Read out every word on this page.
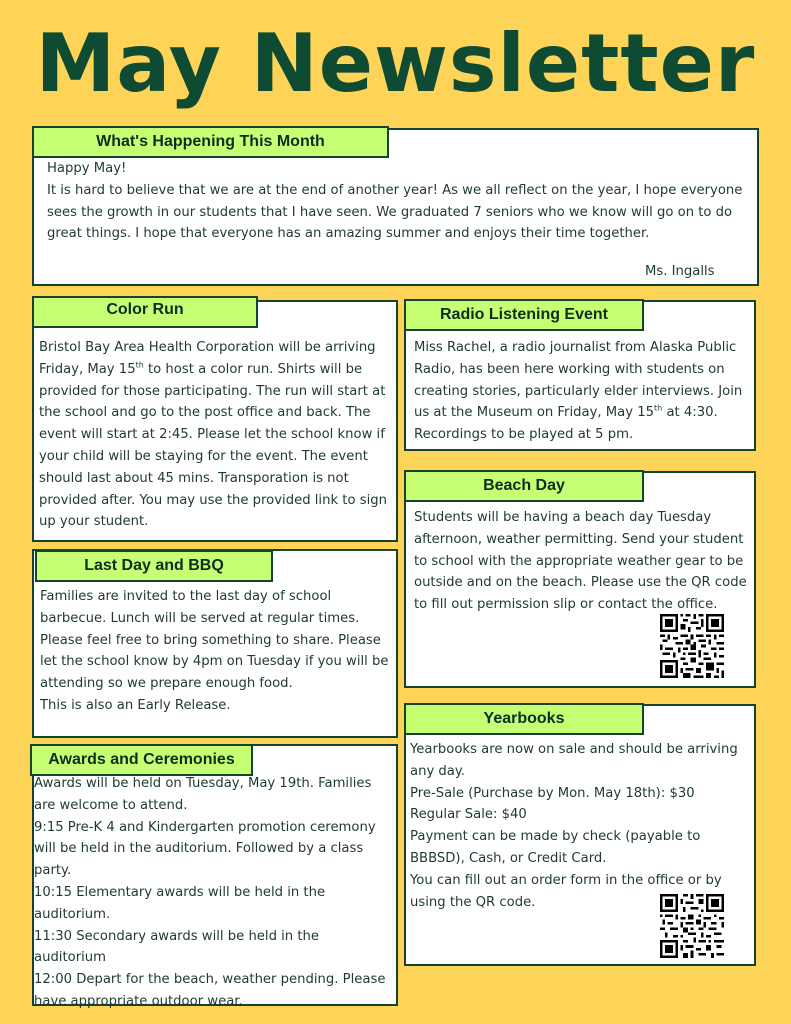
May Newsletter
What's Happening This Month

Happy May!

It is hard to believe that we are at the end of another year! As we all reflect on the year, I hope everyone sees the growth in our students that I have seen. We graduated 7 seniors who we know will go on to do great things. I hope that everyone has an amazing summer and enjoys their time together.

Ms. Ingalls
Color Run

Bristol Bay Area Health Corporation will be arriving Friday, May 15th to host a color run. Shirts will be provided for those participating. The run will start at the school and go to the post office and back. The event will start at 2:45. Please let the school know if your child will be staying for the event. The event should last about 45 mins. Transporation is not provided after. You may use the provided link to sign up your student.

Radio Listening Event

Miss Rachel, a radio journalist from Alaska Public Radio, has been here working with students on creating stories, particularly elder interviews. Join us at the Museum on Friday, May 15th at 4:30. Recordings to be played at 5 pm.

Beach Day
Students will be having a beach day Tuesday afternoon, weather permitting. Send your student to school with the appropriate weather gear to be outside and on the beach. Please use the QR code to fill out permission slip or contact the office.
Last Day and BBQ

Families are invited to the last day of school barbecue. Lunch will be served at regular times. Please feel free to bring something to share. Please let the school know by 4pm on Tuesday if you will be attending so we prepare enough food.

This is also an Early Release.

Yearbooks

Yearbooks are now on sale and should be arriving any day.

Pre-Sale (Purchase by Mon. May 18th): $30

Regular Sale: $40

Payment can be made by check (payable to BBBSD), Cash, or Credit Card.

You can fill out an order form in the office or by using the QR code.

Awards and Ceremonies

Awards will be held on Tuesday, May 19th. Families are welcome to attend.

9:15 Pre-K 4 and Kindergarten promotion ceremony will be held in the auditorium. Followed by a class party.

10:15 Elementary awards will be held in the auditorium.

11:30 Secondary awards will be held in the auditorium

12:00 Depart for the beach, weather pending. Please have appropriate outdoor wear.
